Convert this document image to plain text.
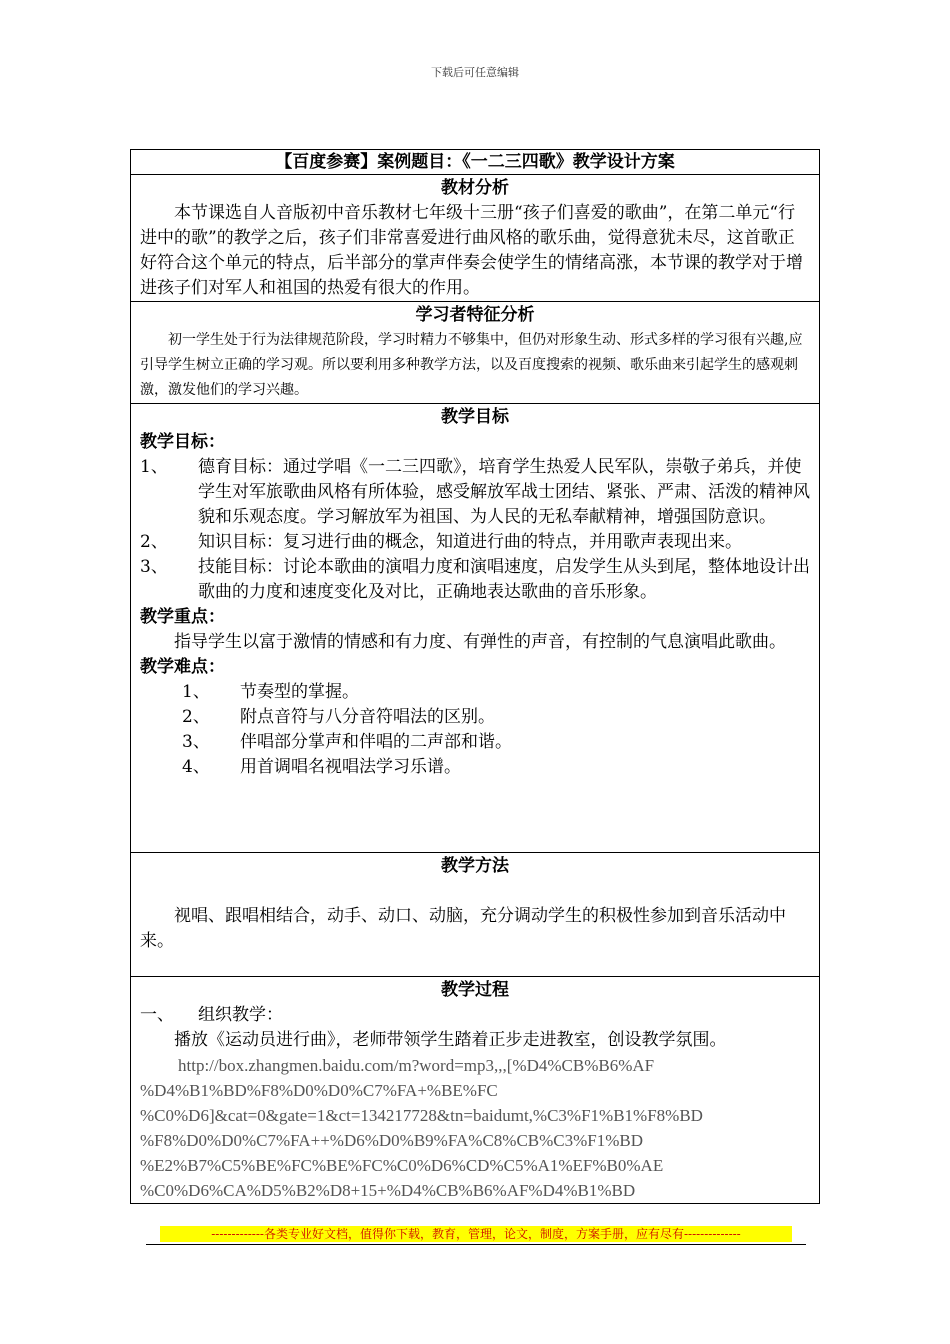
下载后可任意编辑
【百度参赛】案例题目：《一二三四歌》教学设计方案

教材分析

本节课选自人音版初中音乐教材七年级十三册“孩子们喜爱的歌曲”，在第二单元“行进中的歌”的教学之后，孩子们非常喜爱进行曲风格的歌乐曲，觉得意犹未尽，这首歌正好符合这个单元的特点，后半部分的掌声伴奏会使学生的情绪高涨，本节课的教学对于增进孩子们对军人和祖国的热爱有很大的作用。

学习者特征分析

初一学生处于行为法律规范阶段，学习时精力不够集中，但仍对形象生动、形式多样的学习很有兴趣,应引导学生树立正确的学习观。所以要利用多种教学方法，以及百度搜索的视频、歌乐曲来引起学生的感观刺激，激发他们的学习兴趣。

教学目标
教学目标：
1、	德育目标：通过学唱《一二三四歌》，培育学生热爱人民军队，崇敬子弟兵，并使学生对军旅歌曲风格有所体验，感受解放军战士团结、紧张、严肃、活泼的精神风貌和乐观态度。学习解放军为祖国、为人民的无私奉献精神，增强国防意识。
2、	知识目标：复习进行曲的概念，知道进行曲的特点，并用歌声表现出来。
3、	技能目标：讨论本歌曲的演唱力度和演唱速度，启发学生从头到尾，整体地设计出歌曲的力度和速度变化及对比，正确地表达歌曲的音乐形象。
教学重点：

指导学生以富于激情的情感和有力度、有弹性的声音，有控制的气息演唱此歌曲。

教学难点：
1、	节奏型的掌握。
2、	附点音符与八分音符唱法的区别。
3、	伴唱部分掌声和伴唱的二声部和谐。
4、	用首调唱名视唱法学习乐谱。

教学方法

视唱、跟唱相结合，动手、动口、动脑，充分调动学生的积极性参加到音乐活动中来。

教学过程
一、	组织教学：

播放《运动员进行曲》，老师带领学生踏着正步走进教室，创设教学氛围。

http://box.zhangmen.baidu.com/m?word=mp3,,,[%D4%CB%B6%AF
%D4%B1%BD%F8%D0%D0%C7%FA+%BE%FC
%C0%D6]&cat=0&gate=1&ct=134217728&tn=baidumt,%C3%F1%B1%F8%BD
%F8%D0%D0%C7%FA++%D6%D0%B9%FA%C8%CB%C3%F1%BD
%E2%B7%C5%BE%FC%BE%FC%C0%D6%CD%C5%A1%EF%B0%AE
%C0%D6%CA%D5%B2%D8+15+%D4%CB%B6%AF%D4%B1%BD
-------------各类专业好文档，值得你下载，教育，管理，论文，制度，方案手册，应有尽有--------------
